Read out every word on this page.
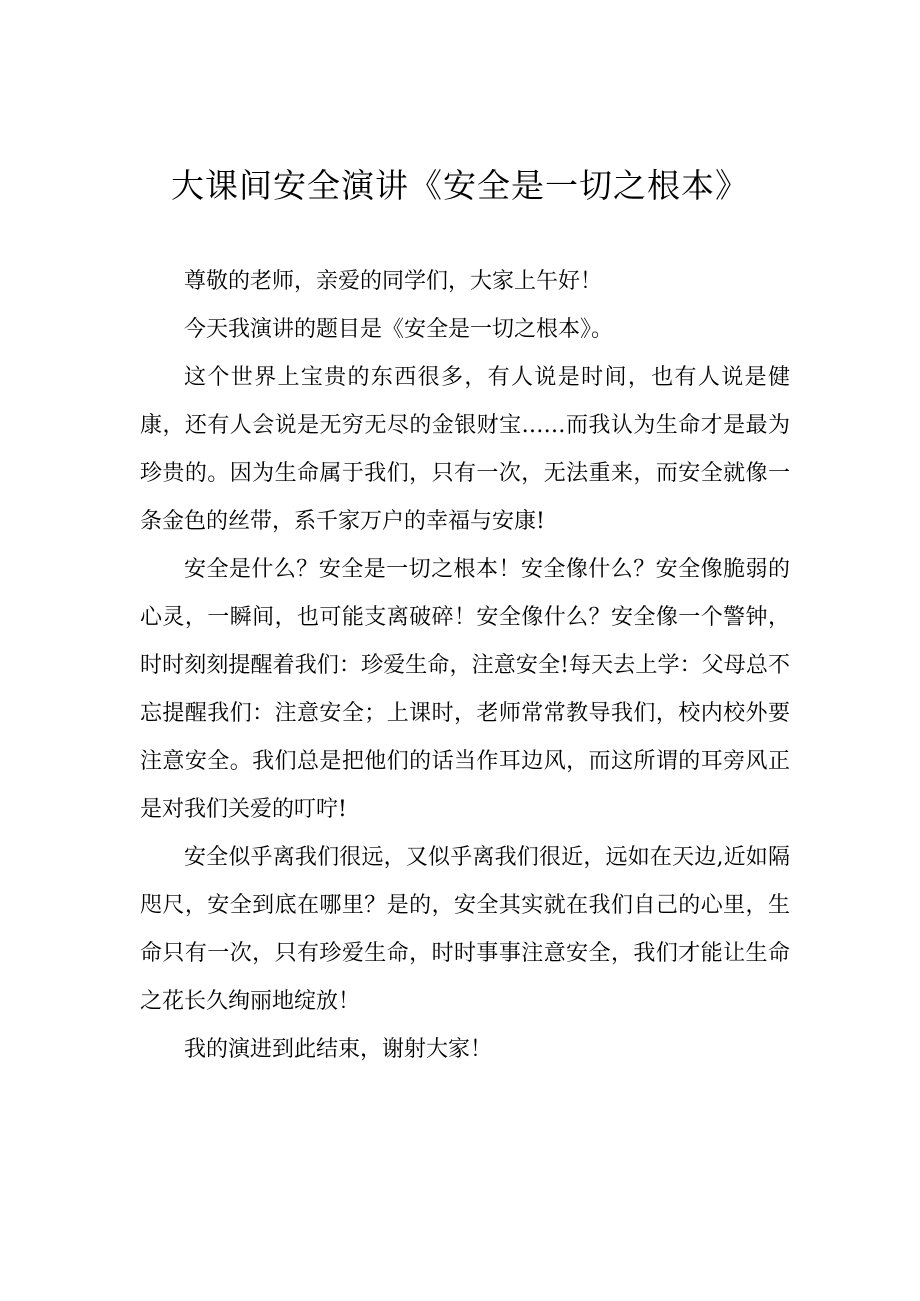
大课间安全演讲《安全是一切之根本》

尊敬的老师，亲爱的同学们，大家上午好！

今天我演讲的题目是《安全是一切之根本》。

这个世界上宝贵的东西很多，有人说是时间，也有人说是健康，还有人会说是无穷无尽的金银财宝……而我认为生命才是最为珍贵的。因为生命属于我们，只有一次，无法重来，而安全就像一条金色的丝带，系千家万户的幸福与安康!

安全是什么？安全是一切之根本！安全像什么？安全像脆弱的心灵，一瞬间，也可能支离破碎！安全像什么？安全像一个警钟，时时刻刻提醒着我们：珍爱生命，注意安全!每天去上学：父母总不忘提醒我们：注意安全；上课时，老师常常教导我们，校内校外要注意安全。我们总是把他们的话当作耳边风，而这所谓的耳旁风正是对我们关爱的叮咛!

安全似乎离我们很远，又似乎离我们很近，远如在天边,近如隔咫尺，安全到底在哪里？是的，安全其实就在我们自己的心里，生命只有一次，只有珍爱生命，时时事事注意安全，我们才能让生命之花长久绚丽地绽放！

我的演进到此结束，谢射大家！
